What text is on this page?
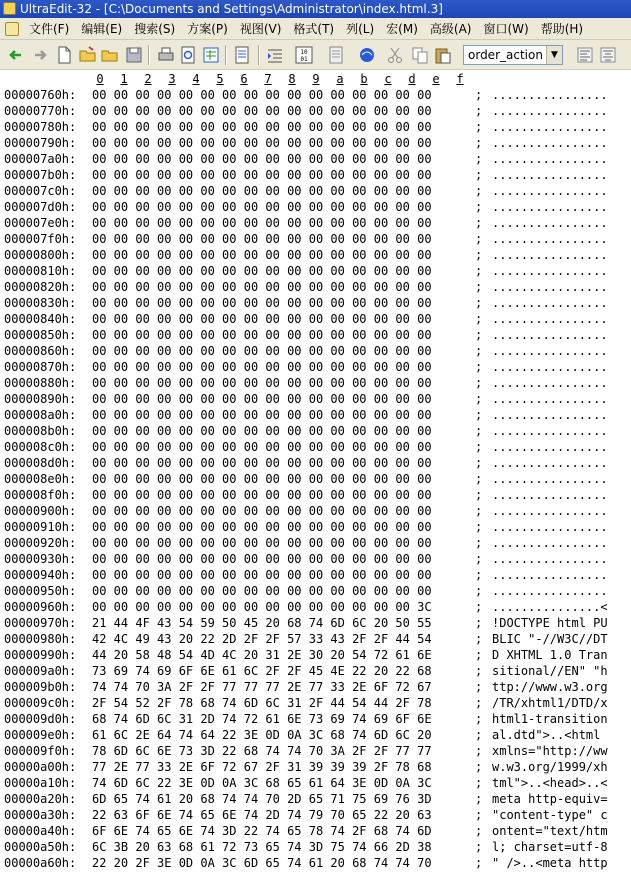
UltraEdit-32 - [C:\Documents and Settings\Administrator\index.html.3]
文件(F)	编辑(E)	搜索(S)	方案(P)	视图(V)	格式(T)	列(L)	宏(M)	高级(A)	窗口(W)	帮助(H)
10
01	order_action ▼
0 1 2 3 4 5 6 7 8 9 a b c d e f
00000760h: 00 00 00 00 00 00 00 00 00 00 00 00 00 00 00 00	; ................
00000770h: 00 00 00 00 00 00 00 00 00 00 00 00 00 00 00 00	; ................
00000780h: 00 00 00 00 00 00 00 00 00 00 00 00 00 00 00 00	; ................
00000790h: 00 00 00 00 00 00 00 00 00 00 00 00 00 00 00 00	; ................
000007a0h: 00 00 00 00 00 00 00 00 00 00 00 00 00 00 00 00	; ................
000007b0h: 00 00 00 00 00 00 00 00 00 00 00 00 00 00 00 00	; ................
000007c0h: 00 00 00 00 00 00 00 00 00 00 00 00 00 00 00 00	; ................
000007d0h: 00 00 00 00 00 00 00 00 00 00 00 00 00 00 00 00	; ................
000007e0h: 00 00 00 00 00 00 00 00 00 00 00 00 00 00 00 00	; ................
000007f0h: 00 00 00 00 00 00 00 00 00 00 00 00 00 00 00 00	; ................
00000800h: 00 00 00 00 00 00 00 00 00 00 00 00 00 00 00 00	; ................
00000810h: 00 00 00 00 00 00 00 00 00 00 00 00 00 00 00 00	; ................
00000820h: 00 00 00 00 00 00 00 00 00 00 00 00 00 00 00 00	; ................
00000830h: 00 00 00 00 00 00 00 00 00 00 00 00 00 00 00 00	; ................
00000840h: 00 00 00 00 00 00 00 00 00 00 00 00 00 00 00 00	; ................
00000850h: 00 00 00 00 00 00 00 00 00 00 00 00 00 00 00 00	; ................
00000860h: 00 00 00 00 00 00 00 00 00 00 00 00 00 00 00 00	; ................
00000870h: 00 00 00 00 00 00 00 00 00 00 00 00 00 00 00 00	; ................
00000880h: 00 00 00 00 00 00 00 00 00 00 00 00 00 00 00 00	; ................
00000890h: 00 00 00 00 00 00 00 00 00 00 00 00 00 00 00 00	; ................
000008a0h: 00 00 00 00 00 00 00 00 00 00 00 00 00 00 00 00	; ................
000008b0h: 00 00 00 00 00 00 00 00 00 00 00 00 00 00 00 00	; ................
000008c0h: 00 00 00 00 00 00 00 00 00 00 00 00 00 00 00 00	; ................
000008d0h: 00 00 00 00 00 00 00 00 00 00 00 00 00 00 00 00	; ................
000008e0h: 00 00 00 00 00 00 00 00 00 00 00 00 00 00 00 00	; ................
000008f0h: 00 00 00 00 00 00 00 00 00 00 00 00 00 00 00 00	; ................
00000900h: 00 00 00 00 00 00 00 00 00 00 00 00 00 00 00 00	; ................
00000910h: 00 00 00 00 00 00 00 00 00 00 00 00 00 00 00 00	; ................
00000920h: 00 00 00 00 00 00 00 00 00 00 00 00 00 00 00 00	; ................
00000930h: 00 00 00 00 00 00 00 00 00 00 00 00 00 00 00 00	; ................
00000940h: 00 00 00 00 00 00 00 00 00 00 00 00 00 00 00 00	; ................
00000950h: 00 00 00 00 00 00 00 00 00 00 00 00 00 00 00 00	; ................
00000960h: 00 00 00 00 00 00 00 00 00 00 00 00 00 00 00 3C	; ...............<
00000970h: 21 44 4F 43 54 59 50 45 20 68 74 6D 6C 20 50 55	; !DOCTYPE html PU
00000980h: 42 4C 49 43 20 22 2D 2F 2F 57 33 43 2F 2F 44 54	; BLIC "-//W3C//DT
00000990h: 44 20 58 48 54 4D 4C 20 31 2E 30 20 54 72 61 6E	; D XHTML 1.0 Tran
000009a0h: 73 69 74 69 6F 6E 61 6C 2F 2F 45 4E 22 20 22 68	; sitional//EN" "h
000009b0h: 74 74 70 3A 2F 2F 77 77 77 2E 77 33 2E 6F 72 67	; ttp://www.w3.org
000009c0h: 2F 54 52 2F 78 68 74 6D 6C 31 2F 44 54 44 2F 78	; /TR/xhtml1/DTD/x
000009d0h: 68 74 6D 6C 31 2D 74 72 61 6E 73 69 74 69 6F 6E	; html1-transition
000009e0h: 61 6C 2E 64 74 64 22 3E 0D 0A 3C 68 74 6D 6C 20	; al.dtd">..<html
000009f0h: 78 6D 6C 6E 73 3D 22 68 74 74 70 3A 2F 2F 77 77	; xmlns="http://ww
00000a00h: 77 2E 77 33 2E 6F 72 67 2F 31 39 39 39 2F 78 68	; w.w3.org/1999/xh
00000a10h: 74 6D 6C 22 3E 0D 0A 3C 68 65 61 64 3E 0D 0A 3C	; tml">..<head>..<
00000a20h: 6D 65 74 61 20 68 74 74 70 2D 65 71 75 69 76 3D	; meta http-equiv=
00000a30h: 22 63 6F 6E 74 65 6E 74 2D 74 79 70 65 22 20 63	; "content-type" c
00000a40h: 6F 6E 74 65 6E 74 3D 22 74 65 78 74 2F 68 74 6D	; ontent="text/htm
00000a50h: 6C 3B 20 63 68 61 72 73 65 74 3D 75 74 66 2D 38	; l; charset=utf-8
00000a60h: 22 20 2F 3E 0D 0A 3C 6D 65 74 61 20 68 74 74 70	; " />..<meta http
